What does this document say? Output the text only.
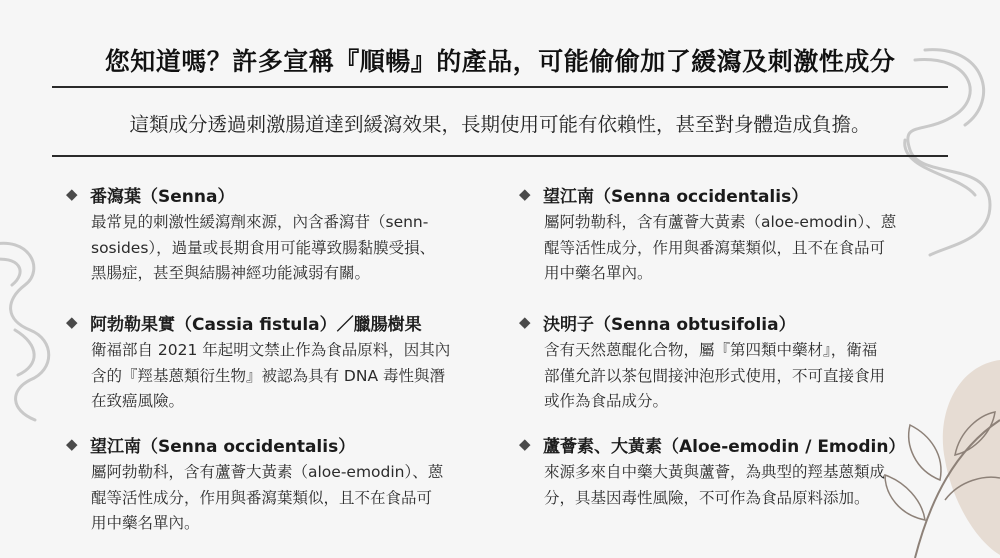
您知道嗎？許多宣稱『順暢』的產品，可能偷偷加了緩瀉及刺激性成分
這類成分透過刺激腸道達到緩瀉效果，長期使用可能有依賴性，甚至對身體造成負擔。
◆ 番瀉葉（Senna）
最常見的刺激性緩瀉劑來源，內含番瀉苷（senn-
sosides），過量或長期食用可能導致腸黏膜受損、
黑腸症，甚至與結腸神經功能減弱有關。
◆ 望江南（Senna occidentalis）
屬阿勃勒科，含有蘆薈大黃素（aloe-emodin）、蒽
醌等活性成分，作用與番瀉葉類似，且不在食品可
用中藥名單內。
◆ 阿勃勒果實（Cassia fistula）／臘腸樹果
衛福部自 2021 年起明文禁止作為食品原料，因其內
含的『羥基蒽類衍生物』被認為具有 DNA 毒性與潛
在致癌風險。
◆ 決明子（Senna obtusifolia）
含有天然蒽醌化合物，屬『第四類中藥材』，衛福
部僅允許以茶包間接沖泡形式使用，不可直接食用
或作為食品成分。
◆ 望江南（Senna occidentalis）
屬阿勃勒科，含有蘆薈大黃素（aloe-emodin）、蒽
醌等活性成分，作用與番瀉葉類似，且不在食品可
用中藥名單內。
◆ 蘆薈素、大黃素（Aloe-emodin / Emodin）
來源多來自中藥大黃與蘆薈，為典型的羥基蒽類成
分，具基因毒性風險，不可作為食品原料添加。
